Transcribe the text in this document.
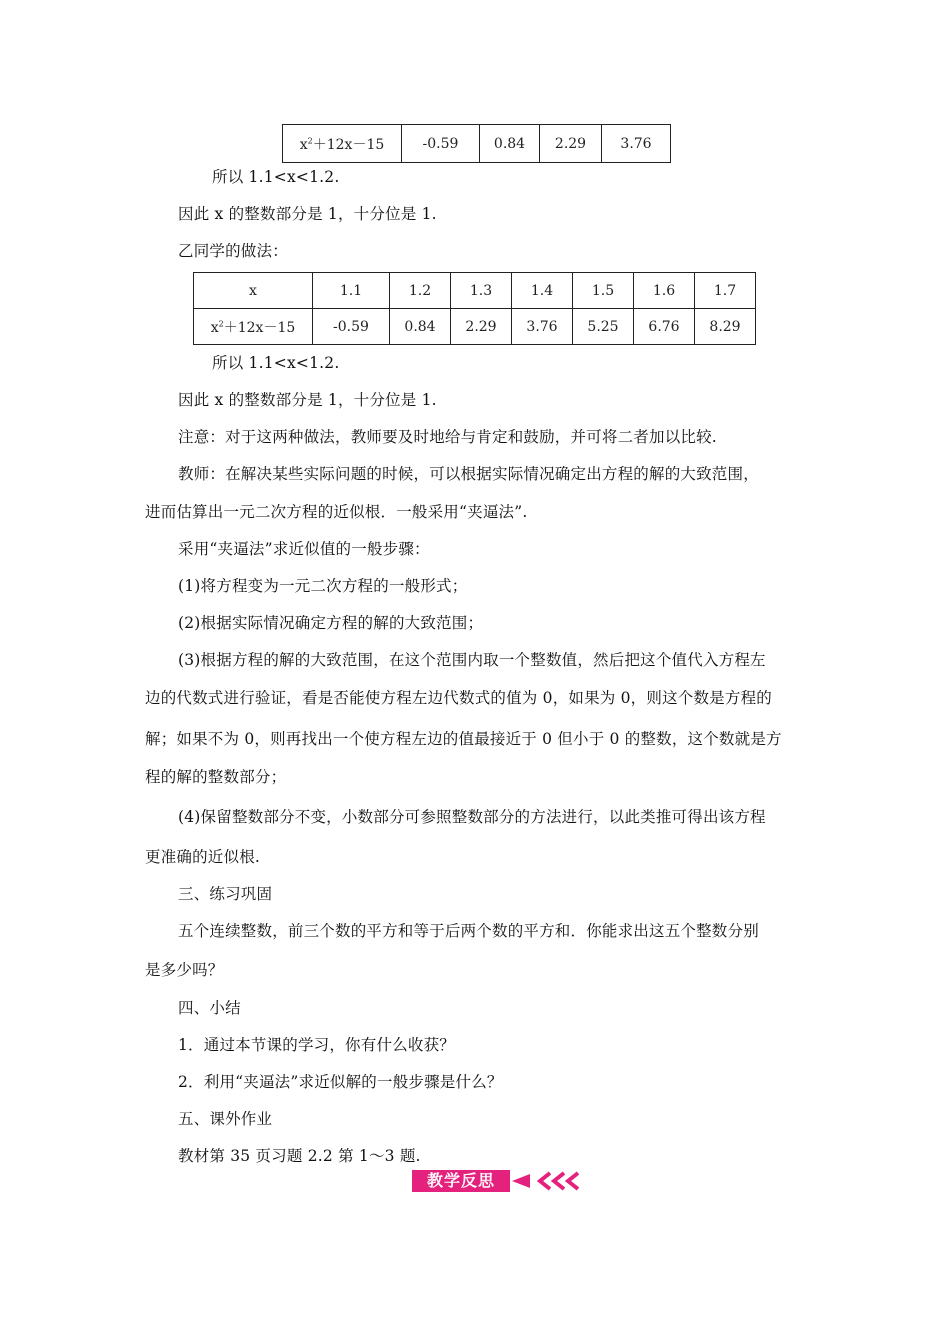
$x^2+12x-15$	-0.59	0.84	2.29	3.76
所以 1.1<x<1.2.
因此 x 的整数部分是 1，十分位是 1.
乙同学的做法：
x	1.1	1.2	1.3	1.4	1.5	1.6	1.7
$x^2+12x-15$	-0.59	0.84	2.29	3.76	5.25	6.76	8.29
所以 1.1<x<1.2.
因此 x 的整数部分是 1，十分位是 1.
注意：对于这两种做法，教师要及时地给与肯定和鼓励，并可将二者加以比较.
教师：在解决某些实际问题的时候，可以根据实际情况确定出方程的解的大致范围，
进而估算出一元二次方程的近似根．一般采用“夹逼法”.
采用“夹逼法”求近似值的一般步骤：
(1)将方程变为一元二次方程的一般形式；
(2)根据实际情况确定方程的解的大致范围；
(3)根据方程的解的大致范围，在这个范围内取一个整数值，然后把这个值代入方程左
边的代数式进行验证，看是否能使方程左边代数式的值为 0，如果为 0，则这个数是方程的
解；如果不为 0，则再找出一个使方程左边的值最接近于 0 但小于 0 的整数，这个数就是方
程的解的整数部分；
(4)保留整数部分不变，小数部分可参照整数部分的方法进行，以此类推可得出该方程
更准确的近似根.
三、练习巩固
五个连续整数，前三个数的平方和等于后两个数的平方和．你能求出这五个整数分别
是多少吗？
四、小结
1．通过本节课的学习，你有什么收获？
2．利用“夹逼法”求近似解的一般步骤是什么？
五、课外作业
教材第 35 页习题 2.2 第 1～3 题.
教学反思
